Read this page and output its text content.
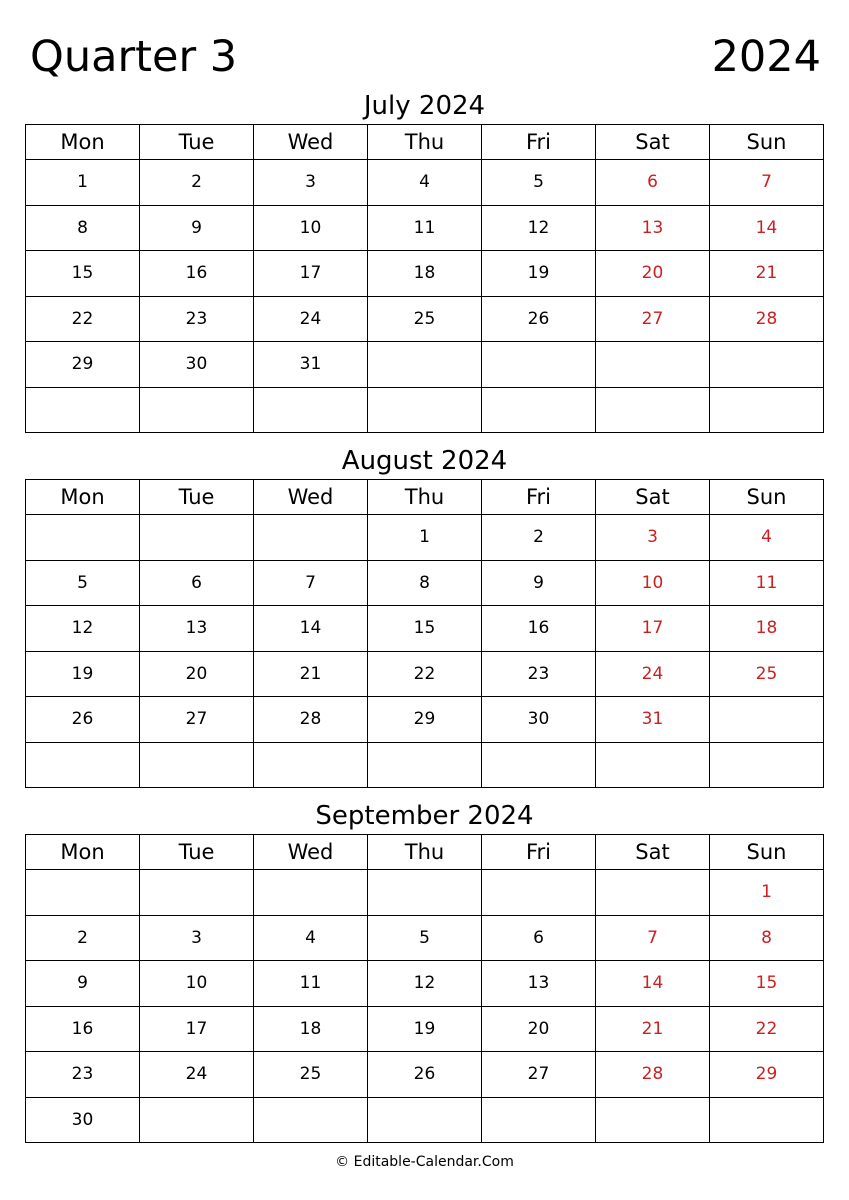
Quarter 3	2024
July 2024
Mon	Tue	Wed	Thu	Fri	Sat	Sun
1	2	3	4	5	6	7
8	9	10	11	12	13	14
15	16	17	18	19	20	21
22	23	24	25	26	27	28
29	30	31				

August 2024
Mon	Tue	Wed	Thu	Fri	Sat	Sun
			1	2	3	4
5	6	7	8	9	10	11
12	13	14	15	16	17	18
19	20	21	22	23	24	25
26	27	28	29	30	31	

September 2024
Mon	Tue	Wed	Thu	Fri	Sat	Sun
						1
2	3	4	5	6	7	8
9	10	11	12	13	14	15
16	17	18	19	20	21	22
23	24	25	26	27	28	29
30						
© Editable-Calendar.Com
